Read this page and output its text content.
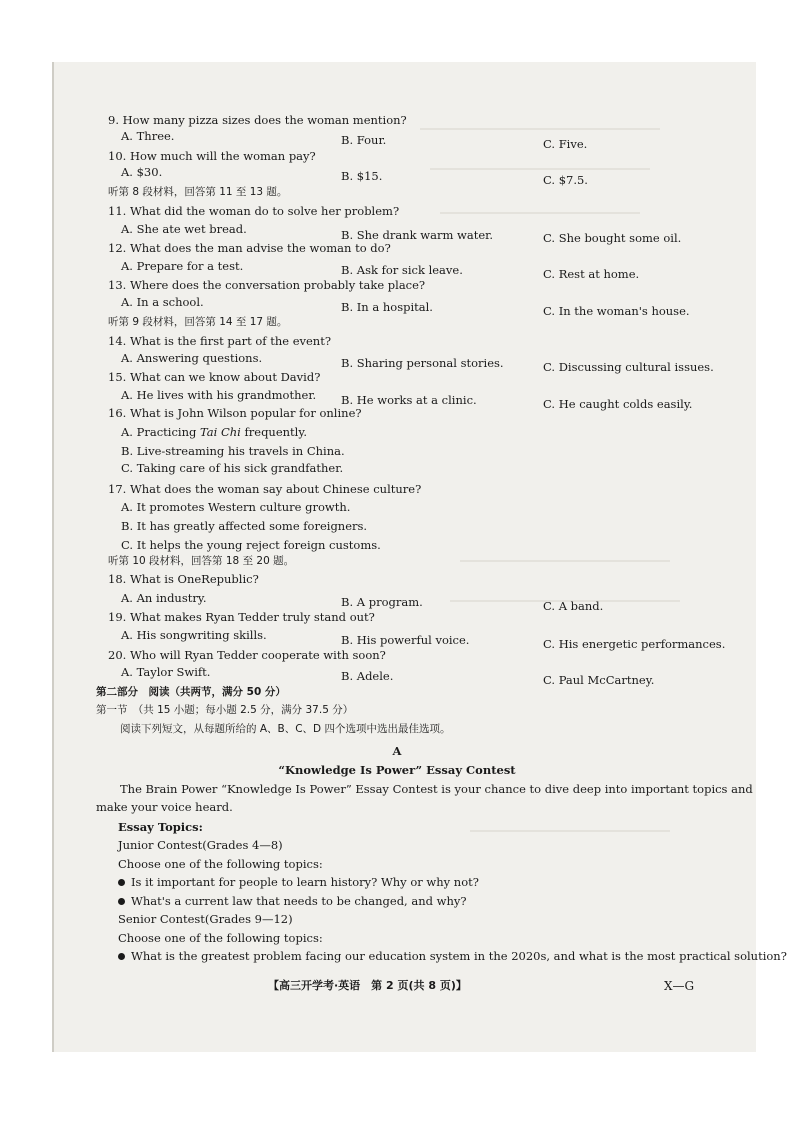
9. How many pizza sizes does the woman mention?
A. Three.	B. Four.	C. Five.
10. How much will the woman pay?
A. $30.	B. $15.	C. $7.5.
听第 8 段材料，回答第 11 至 13 题。
11. What did the woman do to solve her problem?
A. She ate wet bread.	B. She drank warm water.	C. She bought some oil.
12. What does the man advise the woman to do?
A. Prepare for a test.	B. Ask for sick leave.	C. Rest at home.
13. Where does the conversation probably take place?
A. In a school.	B. In a hospital.	C. In the woman's house.
听第 9 段材料，回答第 14 至 17 题。
14. What is the first part of the event?
A. Answering questions.	B. Sharing personal stories.	C. Discussing cultural issues.
15. What can we know about David?
A. He lives with his grandmother. B. He works at a clinic.	C. He caught colds easily.
16. What is John Wilson popular for online?
A. Practicing Tai Chi frequently.
B. Live-streaming his travels in China.
C. Taking care of his sick grandfather.
17. What does the woman say about Chinese culture?
A. It promotes Western culture growth.
B. It has greatly affected some foreigners.
C. It helps the young reject foreign customs.
听第 10 段材料，回答第 18 至 20 题。
18. What is OneRepublic?
A. An industry.	B. A program.	C. A band.
19. What makes Ryan Tedder truly stand out?
A. His songwriting skills.	B. His powerful voice.	C. His energetic performances.
20. Who will Ryan Tedder cooperate with soon?
A. Taylor Swift.	B. Adele.	C. Paul McCartney.
第二部分　阅读（共两节，满分 50 分）
第一节　（共 15 小题；每小题 2.5 分，满分 37.5 分）
阅读下列短文，从每题所给的 A、B、C、D 四个选项中选出最佳选项。
A
“Knowledge Is Power” Essay Contest
The Brain Power “Knowledge Is Power” Essay Contest is your chance to dive deep into important topics and
make your voice heard.
Essay Topics:
Junior Contest(Grades 4—8)
Choose one of the following topics:
Is it important for people to learn history? Why or why not?
What's a current law that needs to be changed, and why?
Senior Contest(Grades 9—12)
Choose one of the following topics:
What is the greatest problem facing our education system in the 2020s, and what is the most practical solution?
【高三开学考·英语　第 2 页(共 8 页)】	X—G
